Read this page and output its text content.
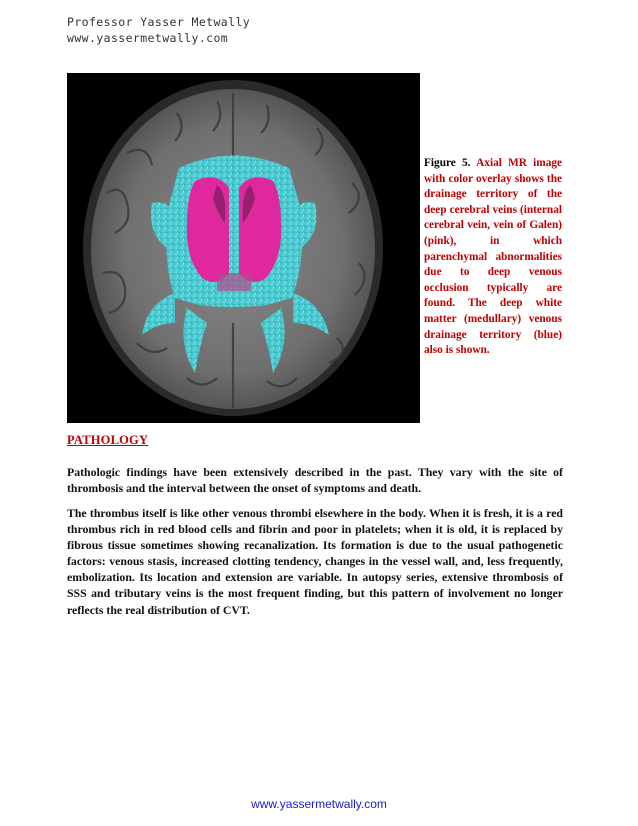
Professor Yasser Metwally
www.yassermetwally.com
Figure 5. Axial MR image with color overlay shows the drainage territory of the deep cerebral veins (internal cerebral vein, vein of Galen) (pink), in which parenchymal abnormalities due to deep venous occlusion typically are found. The deep white matter (medullary) venous drainage territory (blue) also is shown.
PATHOLOGY
Pathologic findings have been extensively described in the past. They vary with the site of thrombosis and the interval between the onset of symptoms and death.
The thrombus itself is like other venous thrombi elsewhere in the body. When it is fresh, it is a red thrombus rich in red blood cells and fibrin and poor in platelets; when it is old, it is replaced by fibrous tissue sometimes showing recanalization. Its formation is due to the usual pathogenetic factors: venous stasis, increased clotting tendency, changes in the vessel wall, and, less frequently, embolization. Its location and extension are variable. In autopsy series, extensive thrombosis of SSS and tributary veins is the most frequent finding, but this pattern of involvement no longer reflects the real distribution of CVT.
www.yassermetwally.com
